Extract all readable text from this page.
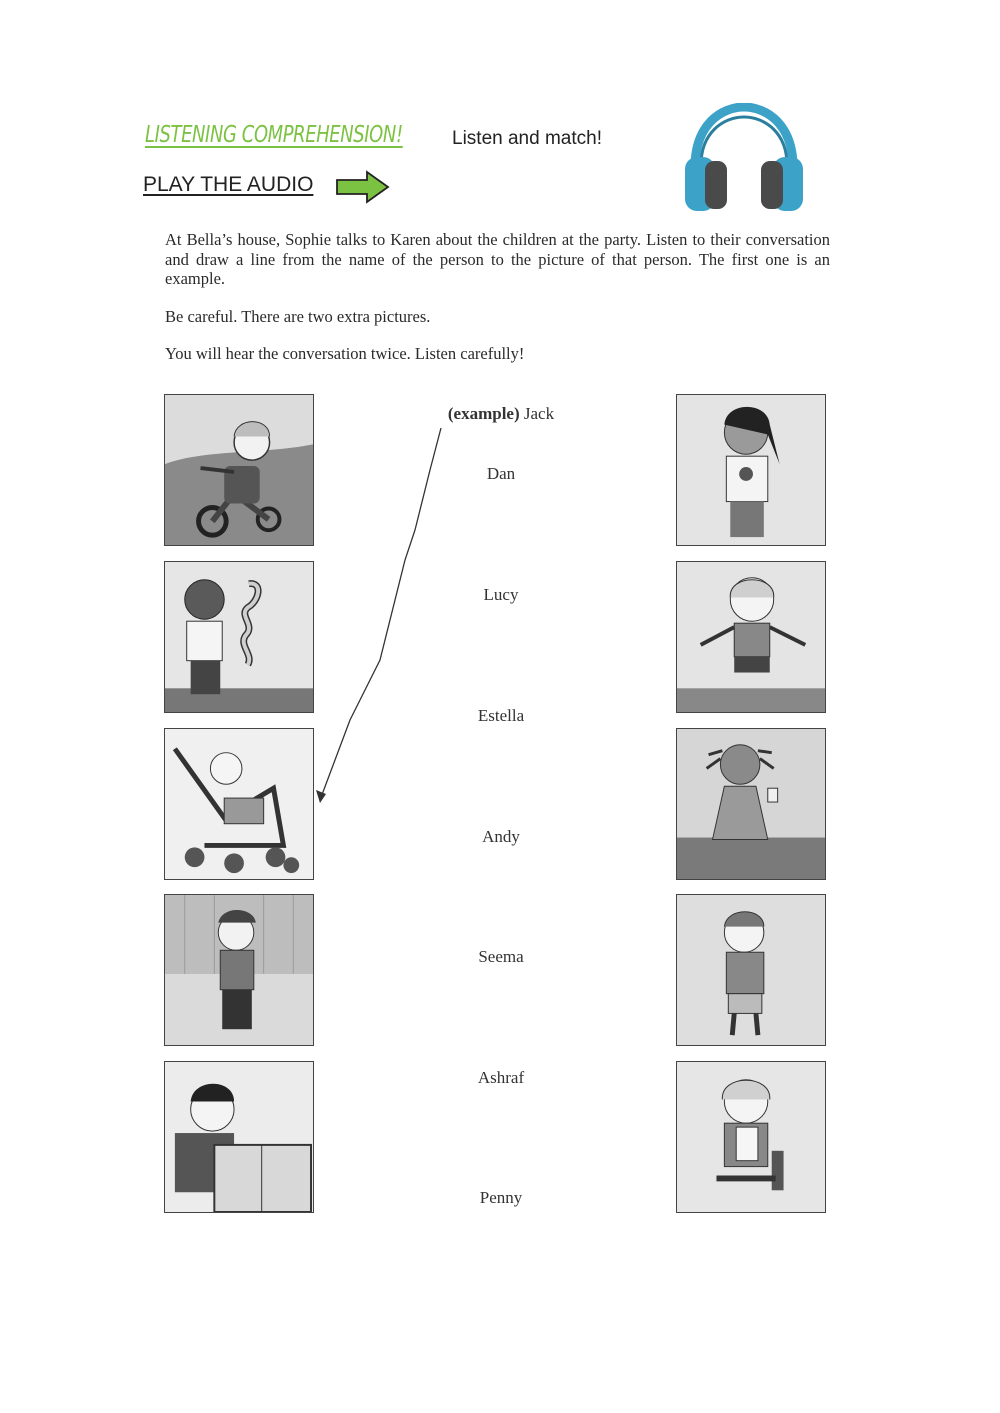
LISTENING COMPREHENSION!	Listen and match!
PLAY THE AUDIO

At Bella’s house, Sophie talks to Karen about the children at the party. Listen to their conversation and draw a line from the name of the person to the picture of that person. The first one is an example.

Be careful. There are two extra pictures.

You will hear the conversation twice. Listen carefully!

(example) Jack
Dan
Lucy
Estella
Andy
Seema
Ashraf
Penny
